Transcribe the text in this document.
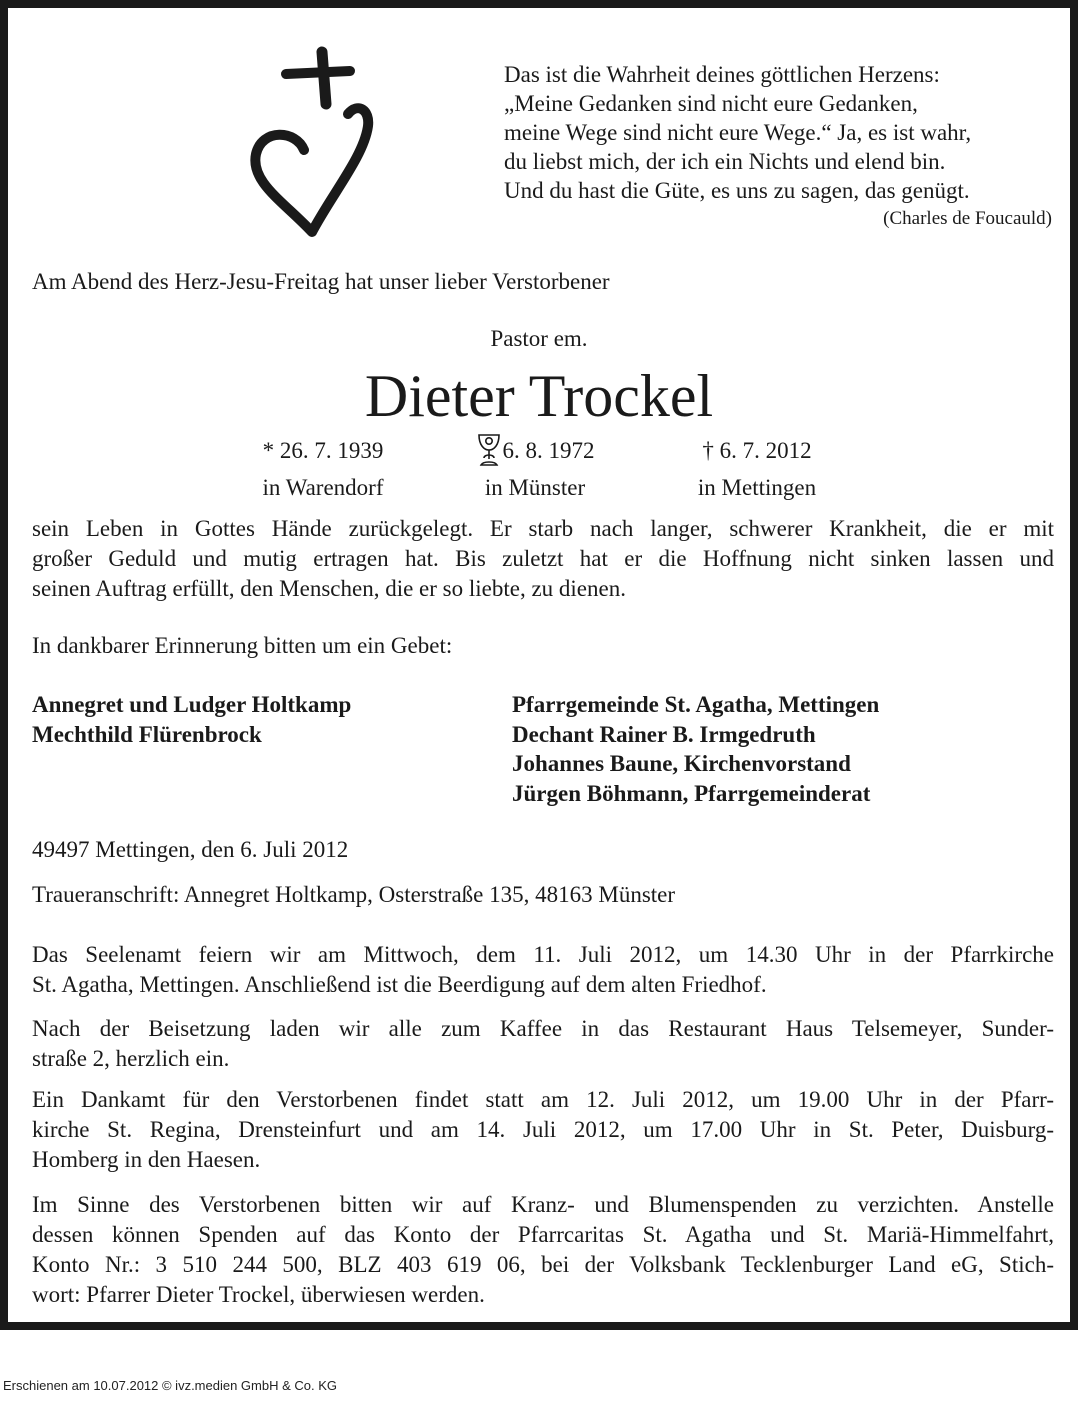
Das ist die Wahrheit deines göttlichen Herzens:
„Meine Gedanken sind nicht eure Gedanken,
meine Wege sind nicht eure Wege.“ Ja, es ist wahr,
du liebst mich, der ich ein Nichts und elend bin.
Und du hast die Güte, es uns zu sagen, das genügt.
(Charles de Foucauld)
Am Abend des Herz-Jesu-Freitag hat unser lieber Verstorbener
Pastor em.
Dieter Trockel
* 26. 7. 1939
in Warendorf
6. 8. 1972
in Münster
† 6. 7. 2012
in Mettingen
sein Leben in Gottes Hände zurückgelegt. Er starb nach langer, schwerer Krankheit, die er mit
großer Geduld und mutig ertragen hat. Bis zuletzt hat er die Hoffnung nicht sinken lassen und
seinen Auftrag erfüllt, den Menschen, die er so liebte, zu dienen.
In dankbarer Erinnerung bitten um ein Gebet:
Annegret und Ludger Holtkamp
Mechthild Flürenbrock
Pfarrgemeinde St. Agatha, Mettingen
Dechant Rainer B. Irmgedruth
Johannes Baune, Kirchenvorstand
Jürgen Böhmann, Pfarrgemeinderat
49497 Mettingen, den 6. Juli 2012
Traueranschrift: Annegret Holtkamp, Osterstraße 135, 48163 Münster
Das Seelenamt feiern wir am Mittwoch, dem 11. Juli 2012, um 14.30 Uhr in der Pfarrkirche
St. Agatha, Mettingen. Anschließend ist die Beerdigung auf dem alten Friedhof.
Nach der Beisetzung laden wir alle zum Kaffee in das Restaurant Haus Telsemeyer, Sunder-
straße 2, herzlich ein.
Ein Dankamt für den Verstorbenen findet statt am 12. Juli 2012, um 19.00 Uhr in der Pfarr-
kirche St. Regina, Drensteinfurt und am 14. Juli 2012, um 17.00 Uhr in St. Peter, Duisburg-
Homberg in den Haesen.
Im Sinne des Verstorbenen bitten wir auf Kranz- und Blumenspenden zu verzichten. Anstelle
dessen können Spenden auf das Konto der Pfarrcaritas St. Agatha und St. Mariä-Himmelfahrt,
Konto Nr.: 3 510 244 500, BLZ 403 619 06, bei der Volksbank Tecklenburger Land eG, Stich-
wort: Pfarrer Dieter Trockel, überwiesen werden.
Erschienen am 10.07.2012 © ivz.medien GmbH & Co. KG
